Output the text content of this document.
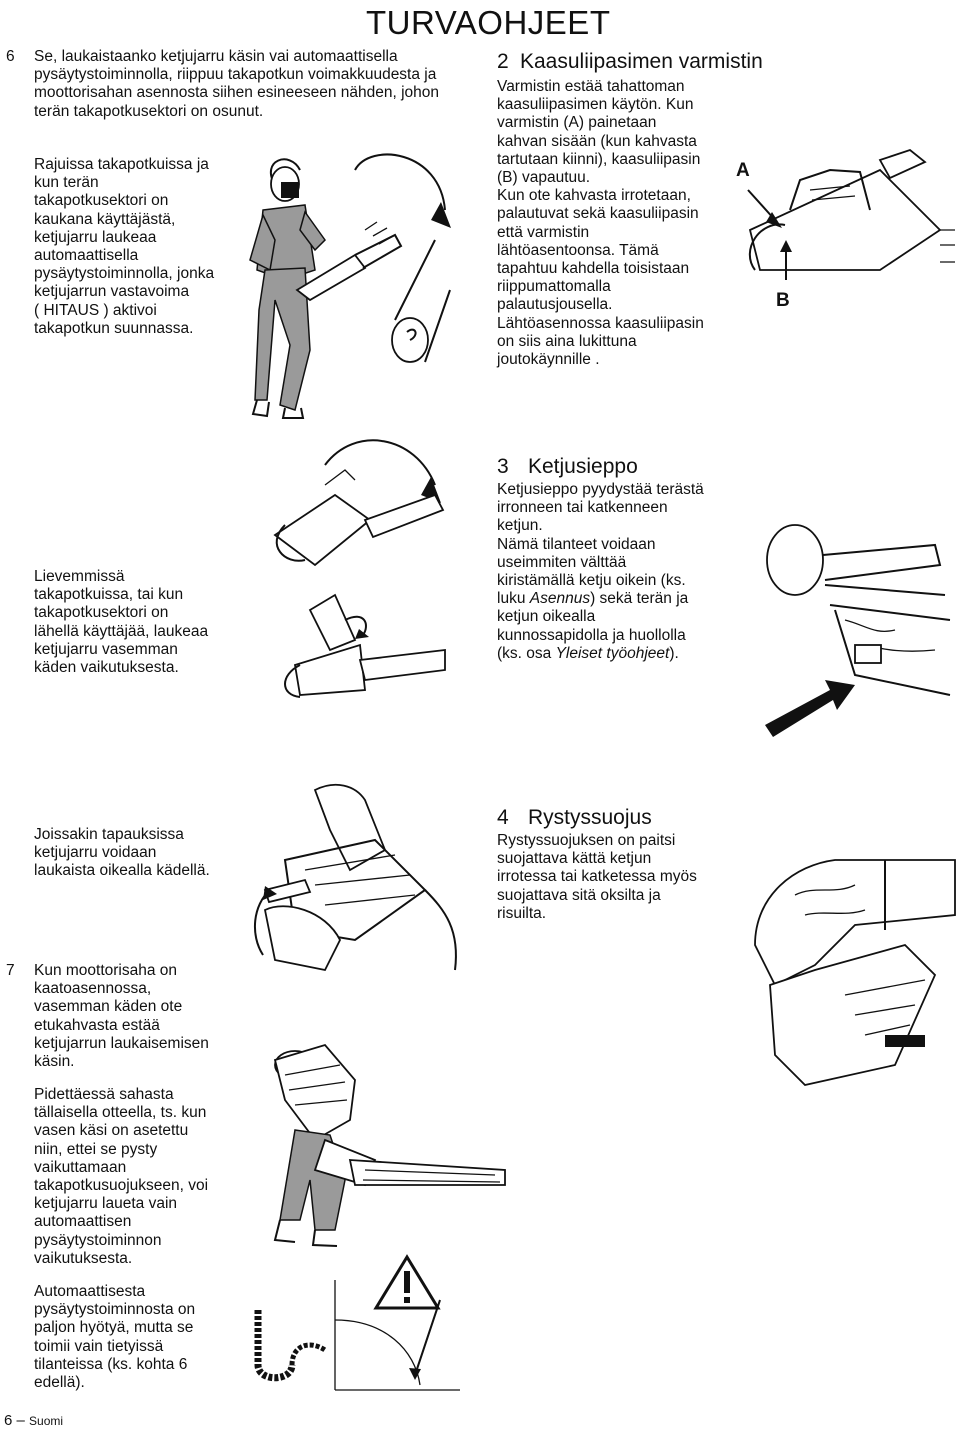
TURVAOHJEET
6 Se, laukaistaanko ketjujarru käsin vai automaattisella pysäytystoiminnolla, riippuu takapotkun voimakkuudesta ja moottorisahan asennosta siihen esineeseen nähden, johon terän takapotkusektori on osunut.
Rajuissa takapotkuissa ja
kun terän
takapotkusektori on
kaukana käyttäjästä,
ketjujarru laukeaa
automaattisella
pysäytystoiminnolla, jonka
ketjujarrun vastavoima
( HITAUS ) aktivoi
takapotkun suunnassa.
2 Kaasuliipasimen varmistin
Varmistin estää tahattoman
kaasuliipasimen käytön. Kun
varmistin (A) painetaan
kahvan sisään (kun kahvasta
tartutaan kiinni), kaasuliipasin
(B) vapautuu.
Kun ote kahvasta irrotetaan,
palautuvat sekä kaasuliipasin
että varmistin
lähtöasentoonsa. Tämä
tapahtuu kahdella toisistaan
riippumattomalla
palautusjousella.
Lähtöasennossa kaasuliipasin
on siis aina lukittuna
joutokäynnille .
A
B
Lievemmissä
takapotkuissa, tai kun
takapotkusektori on
lähellä käyttäjää, laukeaa
ketjujarru vasemman
käden vaikutuksesta.
3 Ketjusieppo
Ketjusieppo pyydystää terästä
irronneen tai katkenneen
ketjun.
Nämä tilanteet voidaan
useimmiten välttää
kiristämällä ketju oikein (ks.
luku Asennus) sekä terän ja
ketjun oikealla
kunnossapidolla ja huollolla
(ks. osa Yleiset työohjeet).
Joissakin tapauksissa
ketjujarru voidaan
laukaista oikealla kädellä.
4 Rystyssuojus
Rystyssuojuksen on paitsi
suojattava kättä ketjun
irrotessa tai katketessa myös
suojattava sitä oksilta ja
risuilta.
7 Kun moottorisaha on
kaatoasennossa,
vasemman käden ote
etukahvasta estää
ketjujarrun laukaisemisen
käsin.
Pidettäessä sahasta
tällaisella otteella, ts. kun
vasen käsi on asetettu
niin, ettei se pysty
vaikuttamaan
takapotkusuojukseen, voi
ketjujarru laueta vain
automaattisen
pysäytystoiminnon
vaikutuksesta.
Automaattisesta
pysäytystoiminnosta on
paljon hyötyä, mutta se
toimii vain tietyissä
tilanteissa (ks. kohta 6
edellä).
6 – Suomi
